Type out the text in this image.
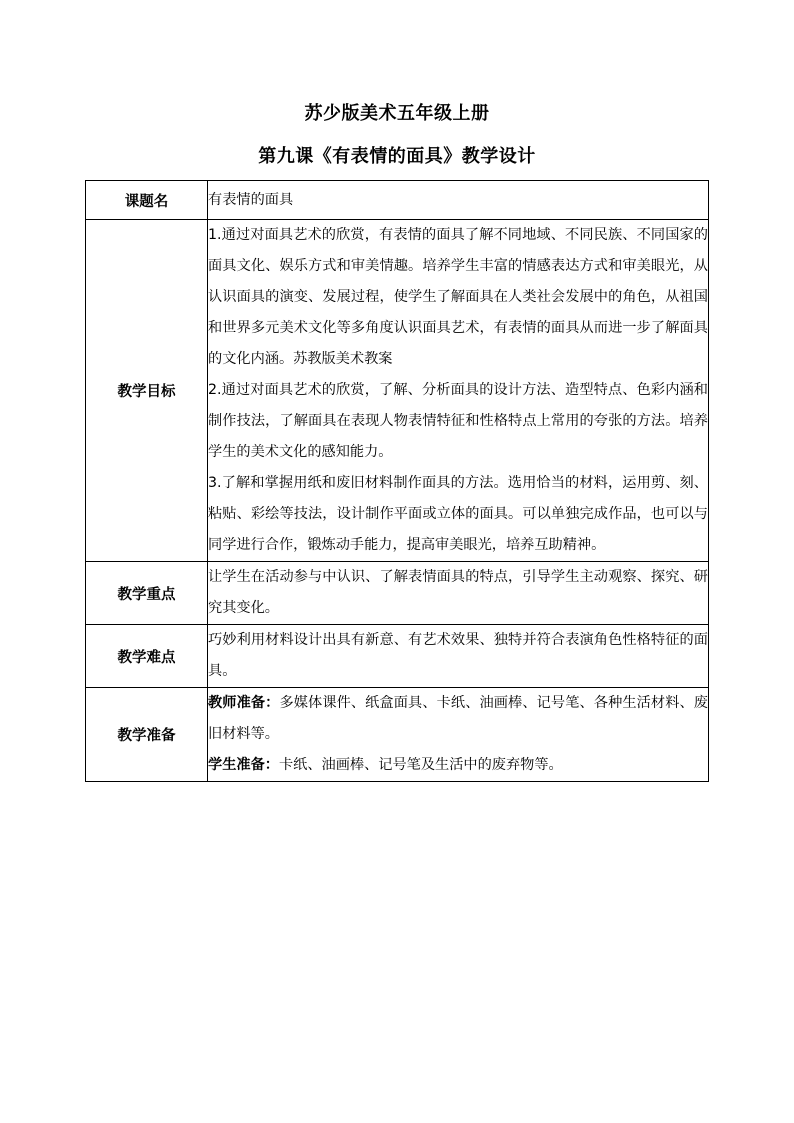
苏少版美术五年级上册
第九课《有表情的面具》教学设计
课题名	有表情的面具
教学目标	1.通过对面具艺术的欣赏，有表情的面具了解不同地域、不同民族、不同国家的面具文化、娱乐方式和审美情趣。培养学生丰富的情感表达方式和审美眼光，从认识面具的演变、发展过程，使学生了解面具在人类社会发展中的角色，从祖国和世界多元美术文化等多角度认识面具艺术，有表情的面具从而进一步了解面具的文化内涵。苏教版美术教案

2.通过对面具艺术的欣赏，了解、分析面具的设计方法、造型特点、色彩内涵和制作技法，了解面具在表现人物表情特征和性格特点上常用的夸张的方法。培养学生的美术文化的感知能力。

3.了解和掌握用纸和废旧材料制作面具的方法。选用恰当的材料，运用剪、刻、粘贴、彩绘等技法，设计制作平面或立体的面具。可以单独完成作品，也可以与同学进行合作，锻炼动手能力，提高审美眼光，培养互助精神。

教学重点	让学生在活动参与中认识、了解表情面具的特点，引导学生主动观察、探究、研究其变化。
教学难点	巧妙利用材料设计出具有新意、有艺术效果、独特并符合表演角色性格特征的面具。
教学准备	教师准备：多媒体课件、纸盒面具、卡纸、油画棒、记号笔、各种生活材料、废旧材料等。

学生准备：卡纸、油画棒、记号笔及生活中的废弃物等。
